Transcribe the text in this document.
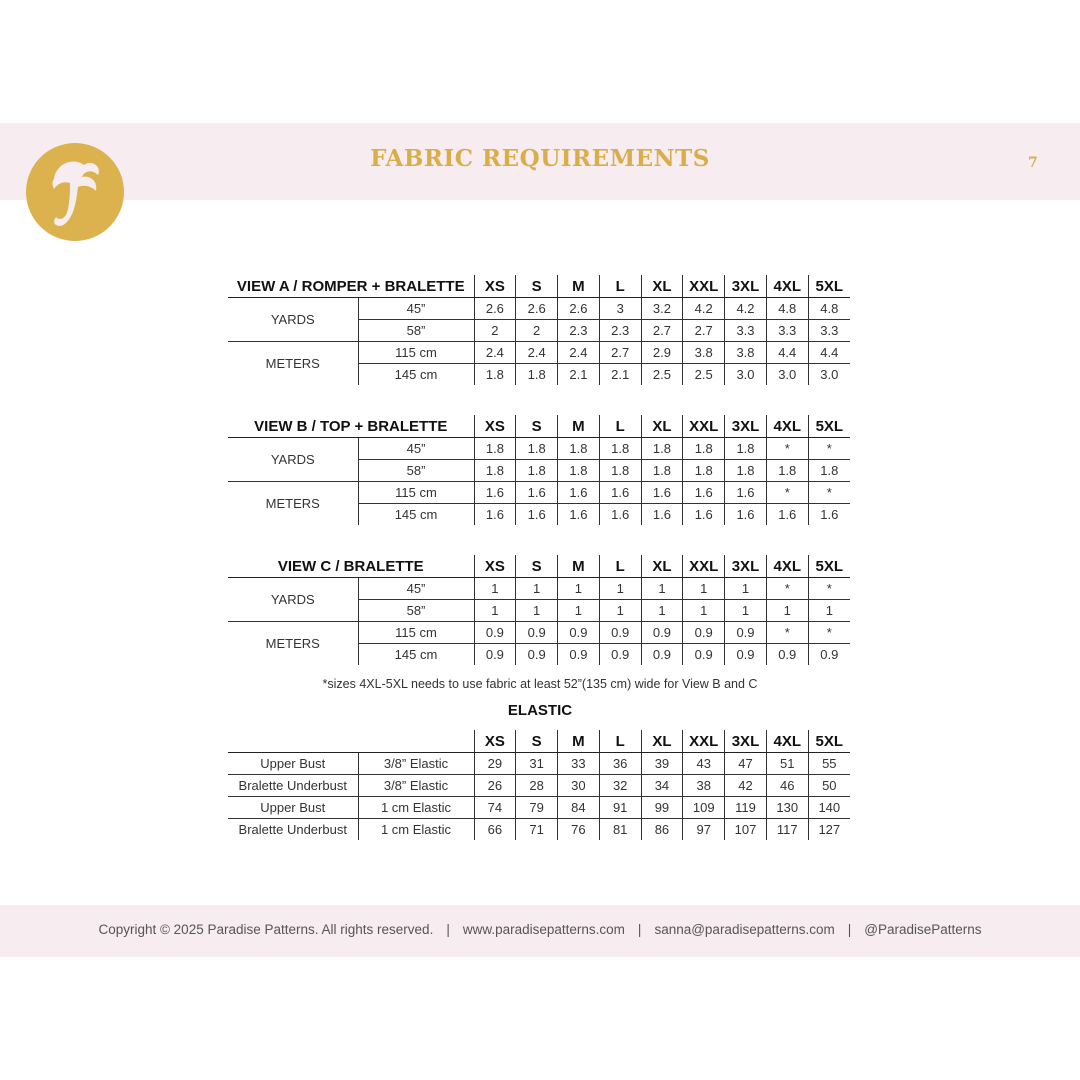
FABRIC REQUIREMENTS	7
VIEW A / ROMPER + BRALETTE		XS	S	M	L	XL	XXL	3XL	4XL	5XL
YARDS	45”	2.6	2.6	2.6	3	3.2	4.2	4.2	4.8	4.8
	58”	2	2	2.3	2.3	2.7	2.7	3.3	3.3	3.3
METERS	115 cm	2.4	2.4	2.4	2.7	2.9	3.8	3.8	4.4	4.4
	145 cm	1.8	1.8	2.1	2.1	2.5	2.5	3.0	3.0	3.0
VIEW B / TOP + BRALETTE		XS	S	M	L	XL	XXL	3XL	4XL	5XL
YARDS	45”	1.8	1.8	1.8	1.8	1.8	1.8	1.8	*	*
	58”	1.8	1.8	1.8	1.8	1.8	1.8	1.8	1.8	1.8
METERS	115 cm	1.6	1.6	1.6	1.6	1.6	1.6	1.6	*	*
	145 cm	1.6	1.6	1.6	1.6	1.6	1.6	1.6	1.6	1.6
VIEW C / BRALETTE		XS	S	M	L	XL	XXL	3XL	4XL	5XL
YARDS	45”	1	1	1	1	1	1	1	*	*
	58”	1	1	1	1	1	1	1	1	1
METERS	115 cm	0.9	0.9	0.9	0.9	0.9	0.9	0.9	*	*
	145 cm	0.9	0.9	0.9	0.9	0.9	0.9	0.9	0.9	0.9
*sizes 4XL-5XL needs to use fabric at least 52”(135 cm) wide for View B and C
ELASTIC
		XS	S	M	L	XL	XXL	3XL	4XL	5XL
Upper Bust	3/8” Elastic	29	31	33	36	39	43	47	51	55
Bralette Underbust	3/8” Elastic	26	28	30	32	34	38	42	46	50
Upper Bust	1 cm Elastic	74	79	84	91	99	109	119	130	140
Bralette Underbust	1 cm Elastic	66	71	76	81	86	97	107	117	127
Copyright © 2025 Paradise Patterns. All rights reserved. | www.paradisepatterns.com | sanna@paradisepatterns.com | @ParadisePatterns
